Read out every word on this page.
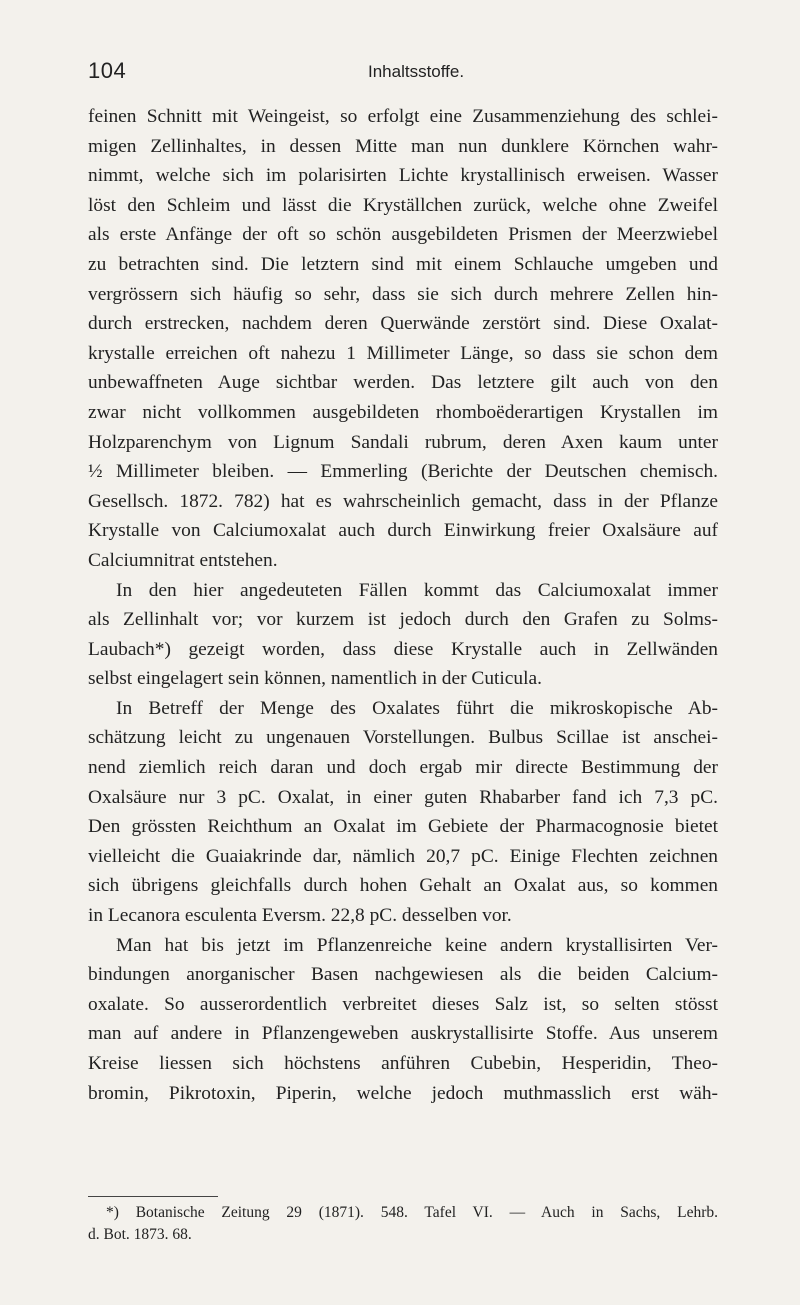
104	Inhaltsstoffe.
feinen Schnitt mit Weingeist, so erfolgt eine Zusammenziehung des schlei-
migen Zellinhaltes, in dessen Mitte man nun dunklere Körnchen wahr-
nimmt, welche sich im polarisirten Lichte krystallinisch erweisen. Wasser
löst den Schleim und lässt die Kryställchen zurück, welche ohne Zweifel
als erste Anfänge der oft so schön ausgebildeten Prismen der Meerzwiebel
zu betrachten sind. Die letztern sind mit einem Schlauche umgeben und
vergrössern sich häufig so sehr, dass sie sich durch mehrere Zellen hin-
durch erstrecken, nachdem deren Querwände zerstört sind. Diese Oxalat-
krystalle erreichen oft nahezu 1 Millimeter Länge, so dass sie schon dem
unbewaffneten Auge sichtbar werden. Das letztere gilt auch von den
zwar nicht vollkommen ausgebildeten rhomboëderartigen Krystallen im
Holzparenchym von Lignum Sandali rubrum, deren Axen kaum unter
½ Millimeter bleiben. — Emmerling (Berichte der Deutschen chemisch.
Gesellsch. 1872. 782) hat es wahrscheinlich gemacht, dass in der Pflanze
Krystalle von Calciumoxalat auch durch Einwirkung freier Oxalsäure auf
Calciumnitrat entstehen.
In den hier angedeuteten Fällen kommt das Calciumoxalat immer
als Zellinhalt vor; vor kurzem ist jedoch durch den Grafen zu Solms-
Laubach*) gezeigt worden, dass diese Krystalle auch in Zellwänden
selbst eingelagert sein können, namentlich in der Cuticula.
In Betreff der Menge des Oxalates führt die mikroskopische Ab-
schätzung leicht zu ungenauen Vorstellungen. Bulbus Scillae ist anschei-
nend ziemlich reich daran und doch ergab mir directe Bestimmung der
Oxalsäure nur 3 pC. Oxalat, in einer guten Rhabarber fand ich 7,3 pC.
Den grössten Reichthum an Oxalat im Gebiete der Pharmacognosie bietet
vielleicht die Guaiakrinde dar, nämlich 20,7 pC. Einige Flechten zeichnen
sich übrigens gleichfalls durch hohen Gehalt an Oxalat aus, so kommen
in Lecanora esculenta Eversm. 22,8 pC. desselben vor.
Man hat bis jetzt im Pflanzenreiche keine andern krystallisirten Ver-
bindungen anorganischer Basen nachgewiesen als die beiden Calcium-
oxalate. So ausserordentlich verbreitet dieses Salz ist, so selten stösst
man auf andere in Pflanzengeweben auskrystallisirte Stoffe. Aus unserem
Kreise liessen sich höchstens anführen Cubebin, Hesperidin, Theo-
bromin, Pikrotoxin, Piperin, welche jedoch muthmasslich erst wäh-
*) Botanische Zeitung 29 (1871). 548. Tafel VI. — Auch in Sachs, Lehrb.
d. Bot. 1873. 68.
